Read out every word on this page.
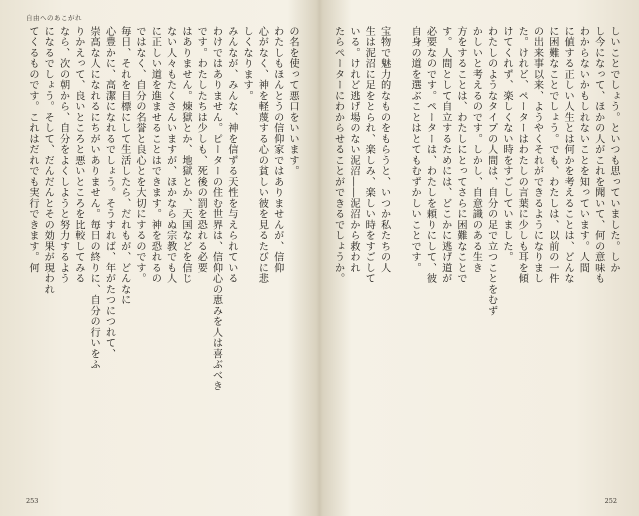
自由へのあこがれ
の名を使って悪口をいいます。
わたしもほんとうの信仰家ではありませんが、信仰
心がなく、神を軽蔑する心の貧しい彼を見るたびに悲
しくなります。
みんなが、みんな、神を信ずる天性を与えられている
わけではありません。ピーターの住む世界は、信仰心の恵みを人は喜ぶべき
です。わたしたちは少しも、死後の罰を恐れる必要
はありません。煉獄とか、地獄とか、天国などを信じ
ない人々もたくさんいますが、ほかならぬ宗教でも人
に正しい道を進ませることはできます。神を恐れるの
ではなく、自分の名誉と良心とを大切にするのです。
毎日、それを目標にして生活したら、だれもが、どんなに
心豊かに、高潔になれるでしょう。そうすれば、年がたつにつれて、
崇高な人になれるにちがいありません。毎日の終りに、自分の行いをふ
りかえって、良いところと悪いところを比較してみる
なら、次の朝から、自分をよくしようと努力するよう
になるでしょう。そして、だんだんとその効果が現われ
てくるものです。これはだれでも実行できます。何
253
しいことでしょう。といつも思っていました。しか
し今になって、ほかの人がこれを聞いて、何の意味も
わからないかもしれないことを知っています。人間
に値する正しい人生とは何かを考えることは、どんな
に困難なことでしょう。でも、わたしは、以前の一件
の出来事以来、ようやくそれができるようになりまし
た。けれど、ペーターはわたしの言葉に少しも耳を傾
けてくれず、楽しくない時をすごしていました。
わたしのようなタイプの人間は、自分の足で立つことをむず
かしいと考えるのです。しかし、自意識のある生き
方をすることは、わたしにとってさらに困難なことで
す。人間として自立するためには、どこかに逃げ道が
必要なのです。ペーターは、わたしを頼りにして、彼
自身の道を選ぶことはとてもむずかしいことです。

宝物で魅力的なものをもらうと、いつか私たちの人
生は泥沼に足をとられ、楽しみ、楽しい時をすごして
いる。けれど逃げ場のない泥沼――泥沼から救われ
たらぺーターにわからせることができるでしょうか。
252
